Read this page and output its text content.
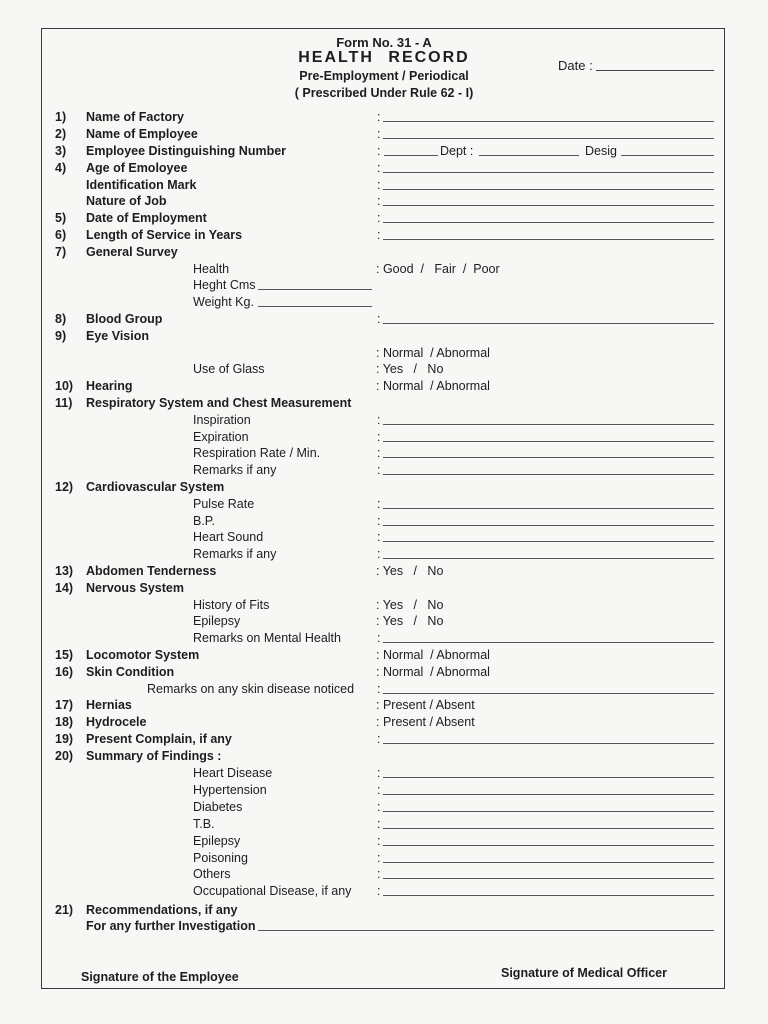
Form No. 31 - A
HEALTH RECORD
Pre-Employment / Periodical
( Prescribed Under Rule 62 - I)
Date :
1) Name of Factory	:
2) Name of Employee	:
3) Employee Distinguishing Number	:	Dept :	Desig
4) Age of Emoloyee	:
Identification Mark	:
Nature of Job	:
5) Date of Employment	:
6) Length of Service in Years	:
7) General Survey
Health	: Good  /   Fair  /  Poor
Heght Cms
Weight Kg.
8) Blood Group	:
9) Eye Vision
: Normal  / Abnormal
Use of Glass	: Yes   /   No
10) Hearing	: Normal  / Abnormal
11) Respiratory System and Chest Measurement
Inspiration	:
Expiration	:
Respiration Rate / Min.	:
Remarks if any	:
12) Cardiovascular System
Pulse Rate	:
B.P.	:
Heart Sound	:
Remarks if any	:
13) Abdomen Tenderness	: Yes   /   No
14) Nervous System
History of Fits	: Yes   /   No
Epilepsy	: Yes   /   No
Remarks on Mental Health	:
15) Locomotor System	: Normal  / Abnormal
16) Skin Condition	: Normal  / Abnormal
Remarks on any skin disease noticed :
17) Hernias	: Present / Absent
18) Hydrocele	: Present / Absent
19) Present Complain, if any	:
20) Summary of Findings :
Heart Disease	:
Hypertension	:
Diabetes	:
T.B.	:
Epilepsy	:
Poisoning	:
Others	:
Occupational Disease, if any :
21) Recommendations, if any
For any further Investigation
Signature of the Employee	Signature of Medical Officer
